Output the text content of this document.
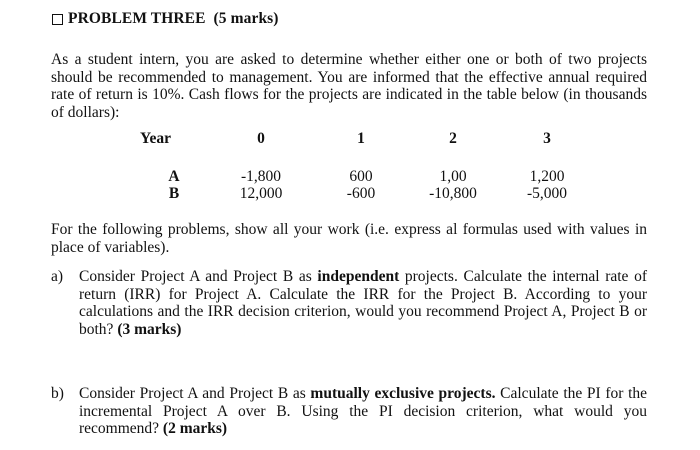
PROBLEM THREE (5 marks)
As a student intern, you are asked to determine whether either one or both of two projects should be recommended to management. You are informed that the effective annual required rate of return is 10%. Cash flows for the projects are indicated in the table below (in thousands of dollars):
Year	0	1	2	3

A	-1,800	600	1,00	1,200
B	12,000	-600	-10,800	-5,000
For the following problems, show all your work (i.e. express al formulas used with values in place of variables).
a)	Consider Project A and Project B as independent projects. Calculate the internal rate of return (IRR) for Project A. Calculate the IRR for the Project B. According to your calculations and the IRR decision criterion, would you recommend Project A, Project B or both? (3 marks)
b) Consider Project A and Project B as mutually exclusive projects. Calculate the PI for the incremental Project A over B. Using the PI decision criterion, what would you recommend? (2 marks)
